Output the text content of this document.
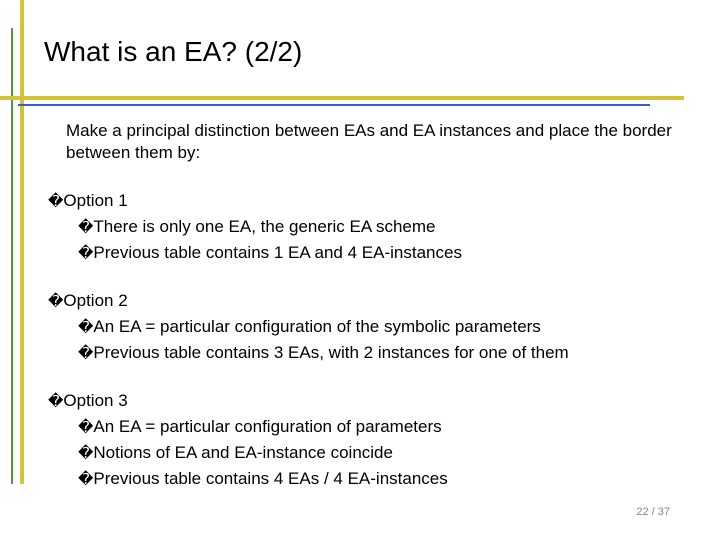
What is an EA? (2/2)
Make a principal distinction between EAs and EA instances and place the border between them by:
�Option 1
�There is only one EA, the generic EA scheme
�Previous table contains 1 EA and 4 EA-instances
�Option 2
�An EA = particular configuration of the symbolic parameters
�Previous table contains 3 EAs, with 2 instances for one of them
�Option 3
�An EA = particular configuration of parameters
�Notions of EA and EA-instance coincide
�Previous table contains 4 EAs / 4 EA-instances
22 / 37
